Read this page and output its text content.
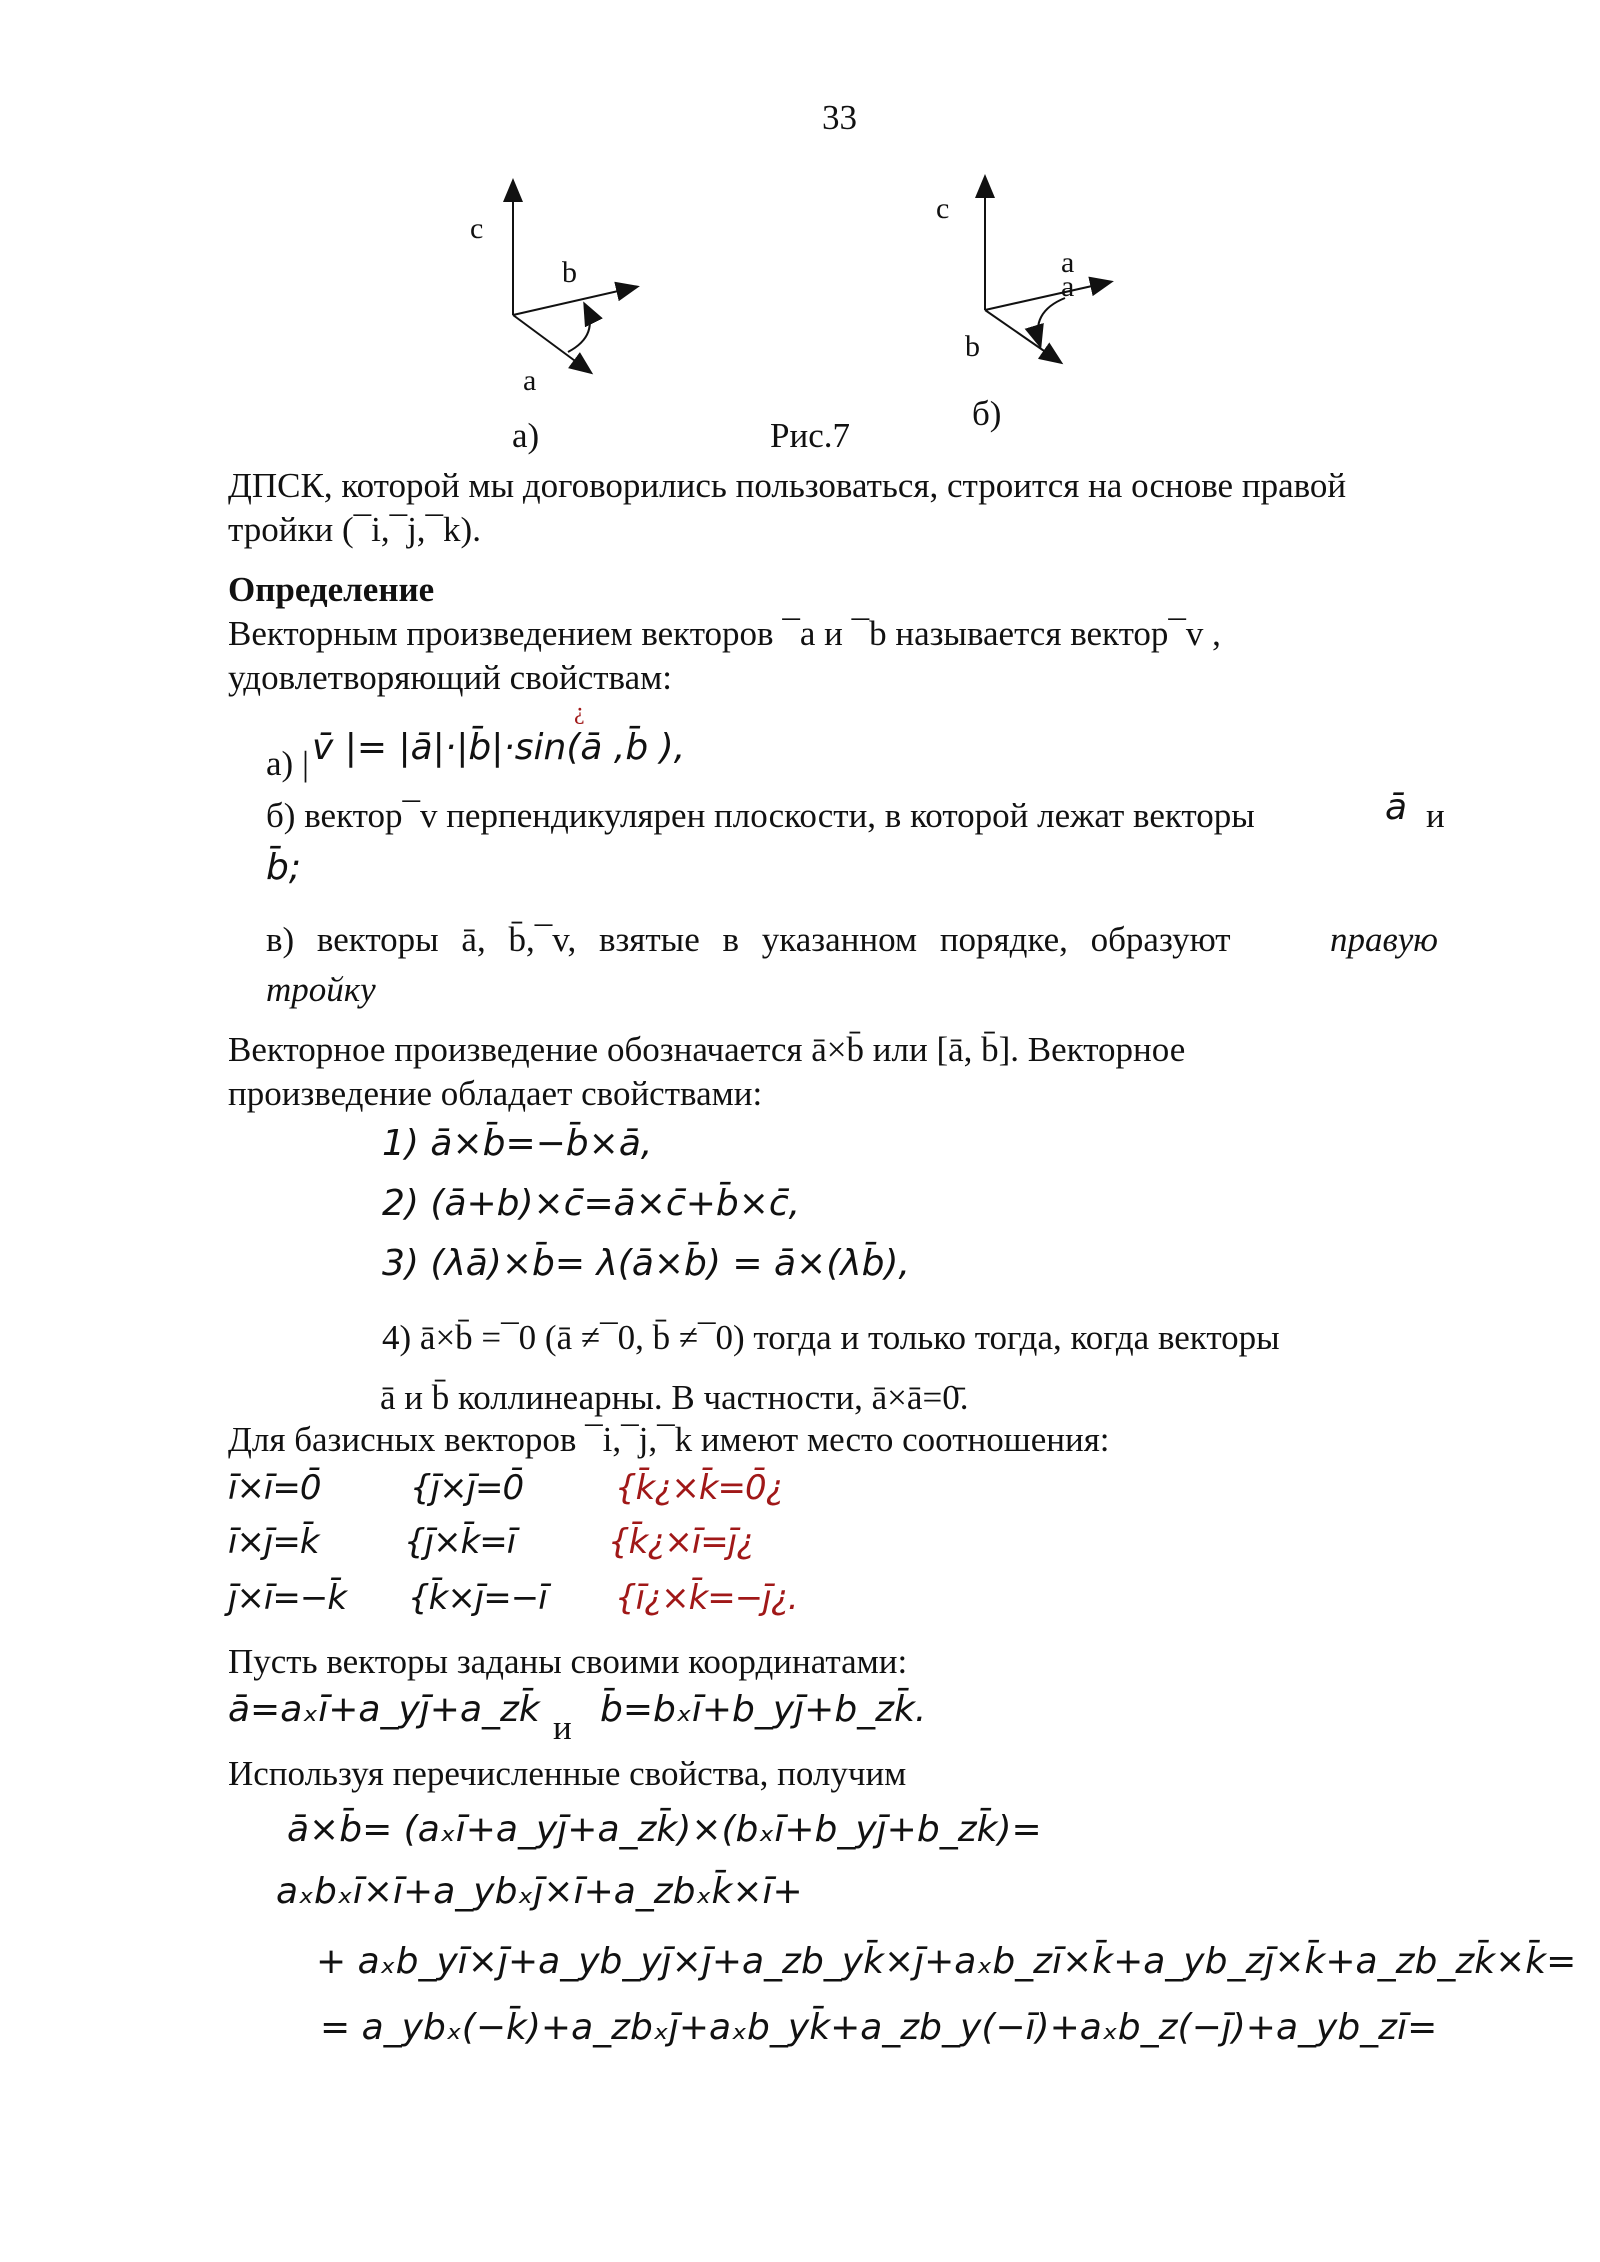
33
c
b
a
c
a
a
b
а)	Рис.7
б)
ДПСК, которой мы договорились пользоваться, строится на основе правой
тройки (¯i,¯j,¯k).
Определение
Векторным произведением векторов ¯a и ¯b называется вектор¯v ,
удовлетворяющий свойствам:
¿
а) | v̄ |= |ā|·|b̄|·sin(ā ,b̄ ),
б) вектор¯v перпендикулярен плоскости, в которой лежат векторы	ā и
b̄;
в) векторы ā, b̄,¯v, взятые в указанном порядке, образуют	правую
тройку
Векторное произведение обозначается ā×b̄ или [ā, b̄]. Векторное
произведение обладает свойствами:
1) ā×b̄=−b̄×ā,
2) (ā+b)×c̄=ā×c̄+b̄×c̄,
3) (λā)×b̄= λ(ā×b̄) = ā×(λb̄),
4) ā×b̄ =¯0 (ā ≠¯0, b̄ ≠¯0) тогда и только тогда, когда векторы
ā и b̄ коллинеарны. В частности, ā×ā=0̄.
Для базисных векторов ¯i,¯j,¯k имеют место соотношения:
ī×ī=0̄	{j̄×j̄=0̄	{k̄¿×k̄=0̄¿
ī×j̄=k̄	{j̄×k̄=ī	{k̄¿×ī=j̄¿
j̄×ī=−k̄ {k̄×j̄=−ī {ī¿×k̄=−j̄¿.
Пусть векторы заданы своими координатами:
ā=aₓī+a_yj̄+a_zk̄ и b̄=bₓī+b_yj̄+b_zk̄.
Используя перечисленные свойства, получим
ā×b̄= (aₓī+a_yj̄+a_zk̄)×(bₓī+b_yj̄+b_zk̄)=
aₓbₓī×ī+a_ybₓj̄×ī+a_zbₓk̄×ī+
+ aₓb_yī×j̄+a_yb_yj̄×j̄+a_zb_yk̄×j̄+aₓb_zī×k̄+a_yb_zj̄×k̄+a_zb_zk̄×k̄=
= a_ybₓ(−k̄)+a_zbₓj̄+aₓb_yk̄+a_zb_y(−ī)+aₓb_z(−j̄)+a_yb_zī=
